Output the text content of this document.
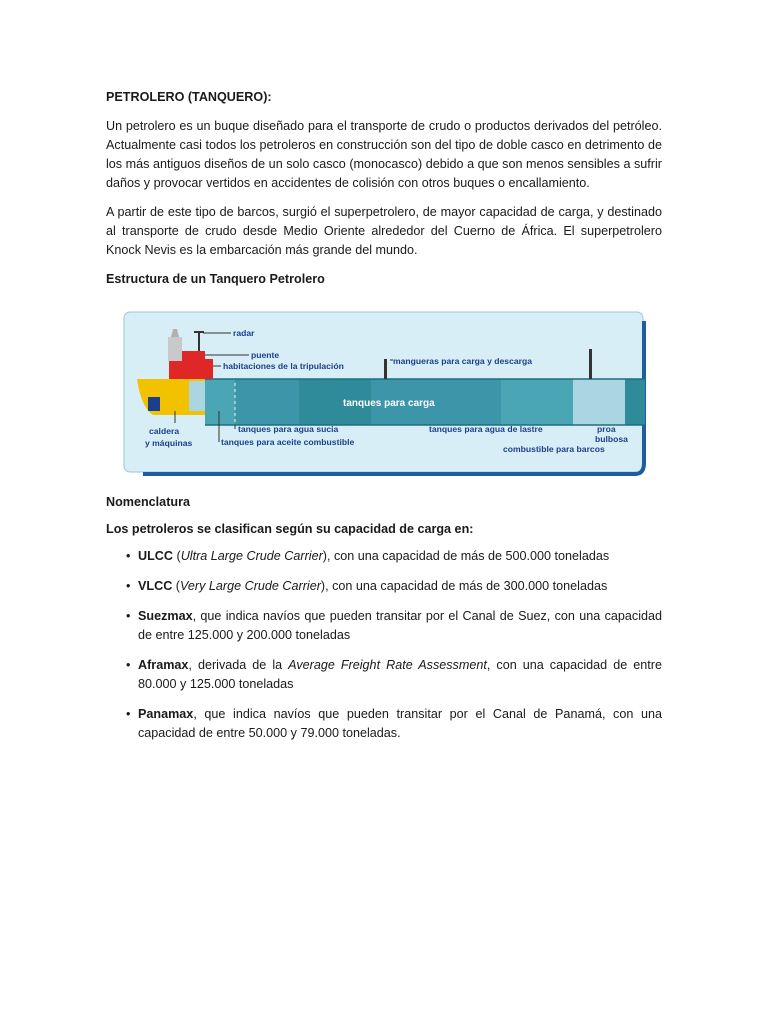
PETROLERO (TANQUERO):

Un petrolero es un buque diseñado para el transporte de crudo o productos derivados del petróleo. Actualmente casi todos los petroleros en construcción son del tipo de doble casco en detrimento de los más antiguos diseños de un solo casco (monocasco) debido a que son menos sensibles a sufrir daños y provocar vertidos en accidentes de colisión con otros buques o encallamiento.

A partir de este tipo de barcos, surgió el superpetrolero, de mayor capacidad de carga, y destinado al transporte de crudo desde Medio Oriente alrededor del Cuerno de África. El superpetrolero Knock Nevis es la embarcación más grande del mundo.

Estructura de un Tanquero Petrolero

radar
puente
habitaciones de la tripulación	mangueras para carga y descarga
tanques para carga
tanques para agua sucia
tanques para aceite combustible
caldera
y máquinas
tanques para agua de lastre	proa
bulbosa
combustible para barcos

Nomenclatura

Los petroleros se clasifican según su capacidad de carga en:

• ULCC (Ultra Large Crude Carrier), con una capacidad de más de 500.000 toneladas
• VLCC (Very Large Crude Carrier), con una capacidad de más de 300.000 toneladas
• Suezmax, que indica navíos que pueden transitar por el Canal de Suez, con una capacidad de entre 125.000 y 200.000 toneladas
• Aframax, derivada de la Average Freight Rate Assessment, con una capacidad de entre 80.000 y 125.000 toneladas
• Panamax, que indica navíos que pueden transitar por el Canal de Panamá, con una capacidad de entre 50.000 y 79.000 toneladas.
